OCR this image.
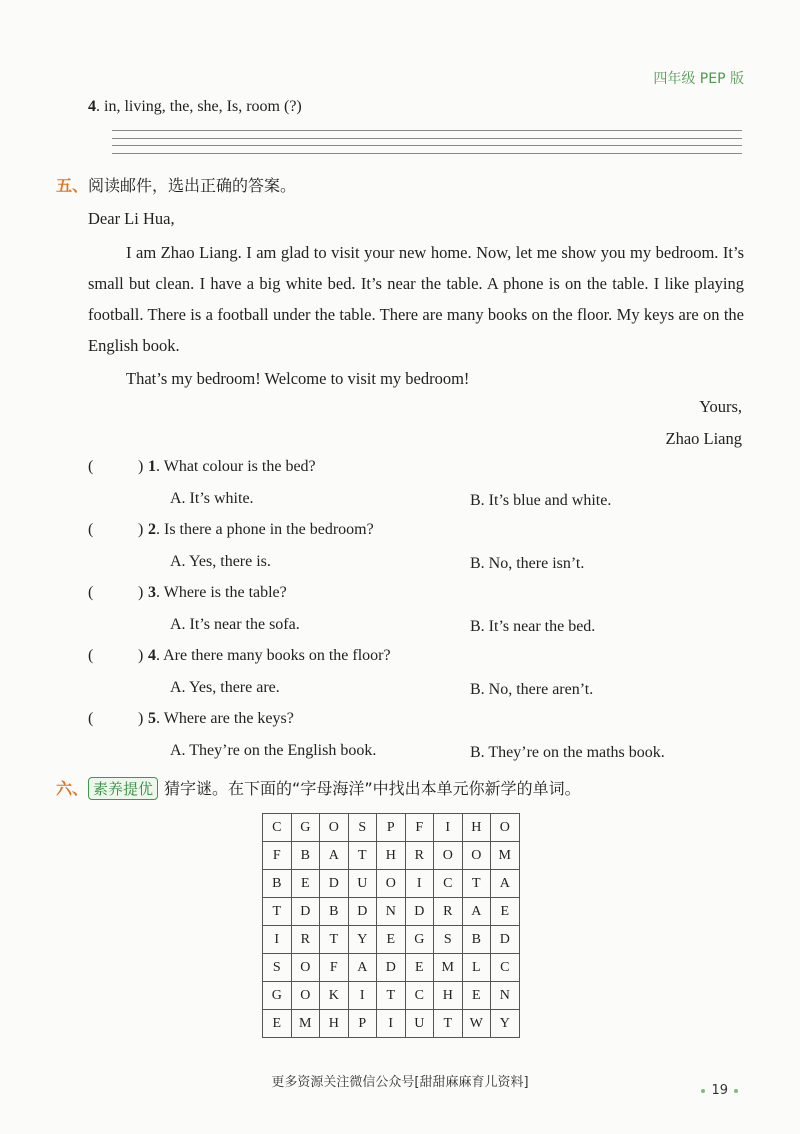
四年级 PEP 版
4. in, living, the, she, Is, room (?)
五、阅读邮件，选出正确的答案。
Dear Li Hua,
I am Zhao Liang. I am glad to visit your new home. Now, let me show you my bedroom. It’s small but clean. I have a big white bed. It’s near the table. A phone is on the table. I like playing football. There is a football under the table. There are many books on the floor. My keys are on the English book.
That’s my bedroom! Welcome to visit my bedroom!
Yours,
Zhao Liang
(	) 1. What colour is the bed?
A. It’s white.	B. It’s blue and white.
(	) 2. Is there a phone in the bedroom?
A. Yes, there is.	B. No, there isn’t.
(	) 3. Where is the table?
A. It’s near the sofa.	B. It’s near the bed.
(	) 4. Are there many books on the floor?
A. Yes, there are.	B. No, there aren’t.
(	) 5. Where are the keys?
A. They’re on the English book.	B. They’re on the maths book.
六、 素养提优 猜字谜。在下面的“字母海洋”中找出本单元你新学的单词。
C	G	O	S	P	F	I	H	O
F	B	A	T	H	R	O	O	M
B	E	D	U	O	I	C	T	A
T	D	B	D	N	D	R	A	E
I	R	T	Y	E	G	S	B	D
S	O	F	A	D	E	M	L	C
G	O	K	I	T	C	H	E	N
E	M	H	P	I	U	T	W	Y
更多资源关注微信公众号[甜甜麻麻育儿资料]
19
